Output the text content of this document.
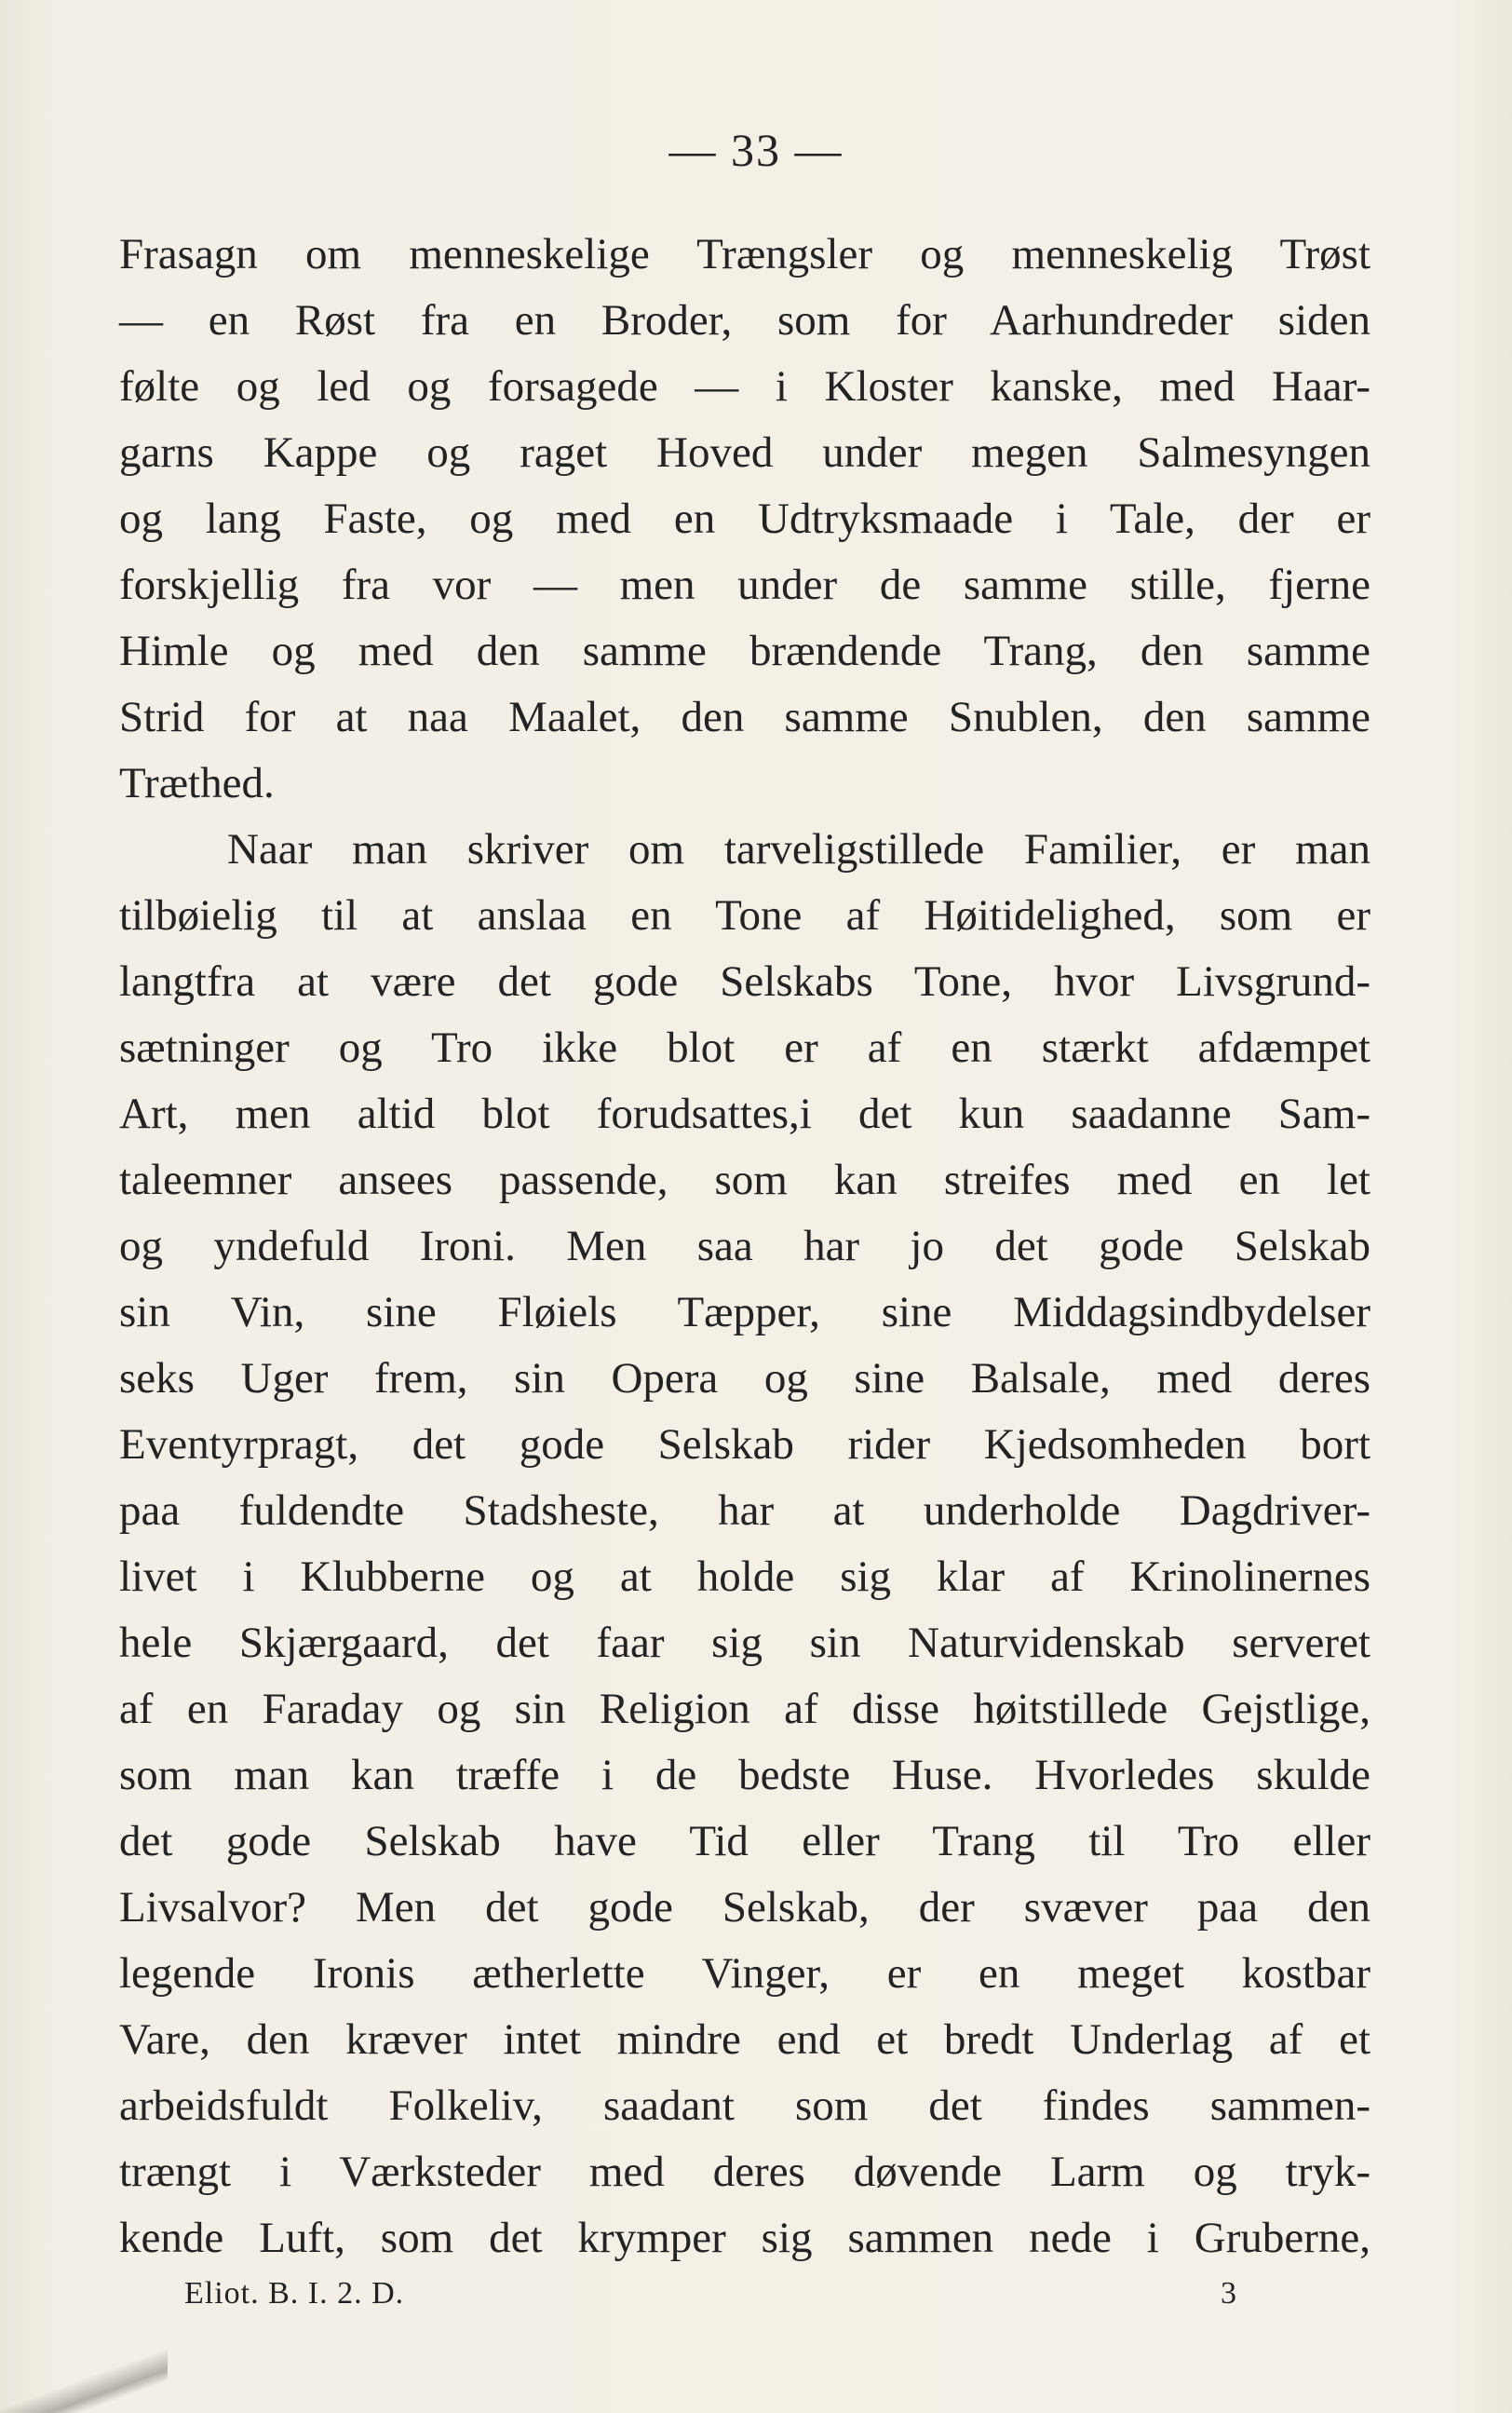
— 33 —
Frasagn om menneskelige Trængsler og menneskelig Trøst
— en Røst fra en Broder, som for Aarhundreder siden
følte og led og forsagede — i Kloster kanske, med Haar-
garns Kappe og raget Hoved under megen Salmesyngen
og lang Faste, og med en Udtryksmaade i Tale, der er
forskjellig fra vor — men under de samme stille, fjerne
Himle og med den samme brændende Trang, den samme
Strid for at naa Maalet, den samme Snublen, den samme
Træthed.
Naar man skriver om tarveligstillede Familier, er man
tilbøielig til at anslaa en Tone af Høitidelighed, som er
langtfra at være det gode Selskabs Tone, hvor Livsgrund-
sætninger og Tro ikke blot er af en stærkt afdæmpet
Art, men altid blot forudsattes,i det kun saadanne Sam-
taleemner ansees passende, som kan streifes med en let
og yndefuld Ironi. Men saa har jo det gode Selskab
sin Vin, sine Fløiels Tæpper, sine Middagsindbydelser
seks Uger frem, sin Opera og sine Balsale, med deres
Eventyrpragt, det gode Selskab rider Kjedsomheden bort
paa fuldendte Stadsheste, har at underholde Dagdriver-
livet i Klubberne og at holde sig klar af Krinolinernes
hele Skjærgaard, det faar sig sin Naturvidenskab serveret
af en Faraday og sin Religion af disse høitstillede Gejstlige,
som man kan træffe i de bedste Huse. Hvorledes skulde
det gode Selskab have Tid eller Trang til Tro eller
Livsalvor? Men det gode Selskab, der svæver paa den
legende Ironis ætherlette Vinger, er en meget kostbar
Vare, den kræver intet mindre end et bredt Underlag af et
arbeidsfuldt Folkeliv, saadant som det findes sammen-
trængt i Værksteder med deres døvende Larm og tryk-
kende Luft, som det krymper sig sammen nede i Gruberne,
Eliot. B. I. 2. D.	3
